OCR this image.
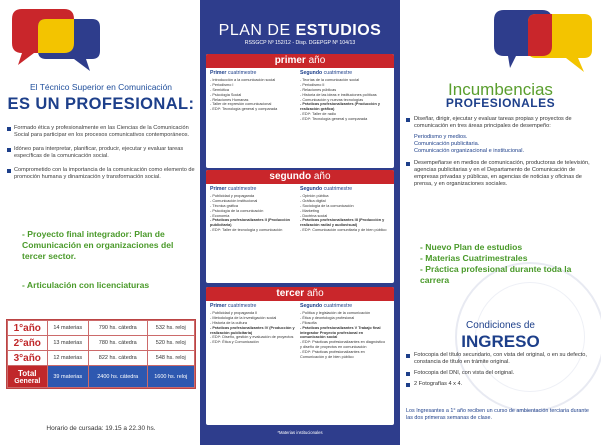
El Técnico Superior en Comunicación
ES UN PROFESIONAL:
Formado ética y profesionalmente en las Ciencias de la Comunicación Social para participar en los procesos comunicativos contemporáneos.
Idóneo para interpretar, planificar, producir, ejecutar y evaluar tareas específicas de la comunicación social.
Comprometido con la importancia de la comunicación como elemento de promoción humana y dinamización y transformación social.
- Proyecto final integrador: Plan de Comunicación en organizaciones del tercer sector.
- Articulación con licenciaturas
1°año	14 materias	790 hs. cátedra	532 hs. reloj
2°año	13 materias	780 hs. cátedra	520 hs. reloj
3°año	12 materias	822 hs. cátedra	548 hs. reloj

Total
General	39 materias	2400 hs. cátedra	1600 hs. reloj
Horario de cursada: 19.15 a 22.30 hs.
PLAN DE ESTUDIOS
RSSGCP Nº 152/12 - Disp. DGEPGP Nº 104/13
primer año
Primer cuatrimestre
- Introducción a la comunicación social
- Periodismo I
- Semiótica
- Psicología Social
- Relaciones Humanas
- Taller de expresión comunicacional
- EDI*: Tecnología general y comparada
Segundo cuatrimestre
- Teorías de la comunicación social
- Periodismo II
- Relaciones públicas
- Historia de las ideas e instituciones políticas
- Comunicación y nuevas tecnologías
- Prácticas profesionalizantes (Producción y realización gráfica)
- EDI*: Taller de radio
- EDI*: Tecnología general y comparada
segundo año
Primer cuatrimestre
- Publicidad y propaganda
- Comunicación institucional
- Técnica gráfica
- Psicología de la comunicación
- Economía
- Prácticas profesionalizantes II (Producción publicitaria)
- EDI*: Taller de tecnología y comunicación
Segundo cuatrimestre
- Opinión pública
- Gráfica digital
- Sociología de la comunicación
- Marketing
- Doctrina social
- Prácticas profesionalizantes III (Producción y realización radial y audiovisual)
- EDI*: Comunicación comunitaria y de bien público
tercer año
Primer cuatrimestre
- Publicidad y propaganda II
- Metodología de la investigación social
- Historia de la cultura
- Prácticas profesionalizantes IV (Producción y realización publicitaria)
- EDI*: Diseño, gestión y evaluación de proyectos
- EDI*: Ética y Comunicación
Segundo cuatrimestre
- Política y legislación de la comunicación
- Ética y deontología profesional
- Filosofía
- Prácticas profesionalizantes V Trabajo final integrador Proyecto profesional en comunicación social
- EDI*: Prácticas profesionalizantes en diagnóstico y diseño de proyectos en comunicación
- EDI*: Prácticas profesionalizantes en Comunicación y de bien público
*Materias institucionales
Incumbencias
PROFESIONALES
Diseñar, dirigir, ejecutar y evaluar tareas propias y proyectos de comunicación en tres áreas principales de desempeño:
Periodismo y medios.
Comunicación publicitaria.
Comunicación organizacional e institucional.
Desempeñarse en medios de comunicación, productoras de televisión, agencias publicitarias y en el Departamento de Comunicación de empresas privadas y públicas, en agencias de noticias y oficinas de prensa, y en organizaciones sociales.
- Nuevo Plan de estudios
- Materias Cuatrimestrales
- Práctica profesional durante toda la carrera
Condiciones de
INGRESO
Fotocopia del título secundario, con vista del original, o en su defecto, constancia de título en trámite original.
Fotocopia del DNI, con vista del original.
2 Fotografías 4 x 4.
Los Ingresantes a 1° año reciben un curso de ambientación terciaria durante las dos primeras semanas de clase.
